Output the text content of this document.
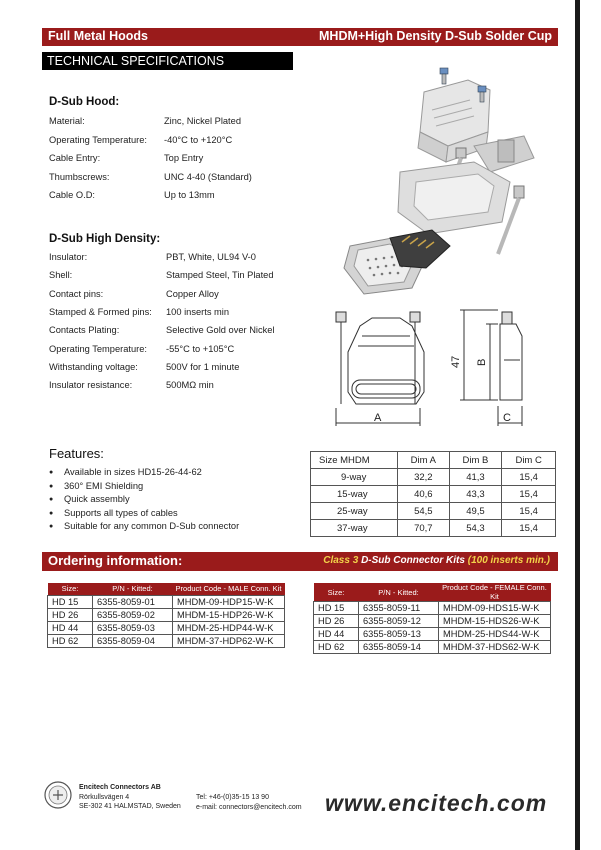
Full Metal Hoods	MHDM+High Density D-Sub Solder Cup
TECHNICAL SPECIFICATIONS
D-Sub Hood:
Material:	Zinc, Nickel Plated
Operating Temperature: -40°C to +120°C
Cable Entry:	Top Entry
Thumbscrews:	UNC 4-40 (Standard)
Cable O.D:	Up to 13mm
D-Sub High Density:
Insulator:	PBT, White, UL94 V-0
Shell:	Stamped Steel, Tin Plated
Contact pins:	Copper Alloy
Stamped & Formed pins: 100 inserts min
Contacts Plating:	Selective Gold over Nickel
Operating Temperature: -55°C to +105°C
Withstanding voltage:	500V for 1 minute
Insulator resistance:	500MΩ min
A	C
B
47
Features:
● Available in sizes HD15-26-44-62
● 360° EMI Shielding
● Quick assembly
● Supports all types of cables
● Suitable for any common D-Sub connector
Size MHDM	Dim A	Dim B	Dim C
9-way	32,2	41,3	15,4
15-way	40,6	43,3	15,4
25-way	54,5	49,5	15,4
37-way	70,7	54,3	15,4
Ordering information:	Class 3 D-Sub Connector Kits (100 inserts min.)
Size:	P/N - Kitted:	Product Code - MALE Conn. Kit
HD 15	6355-8059-01	MHDM-09-HDP15-W-K
HD 26	6355-8059-02	MHDM-15-HDP26-W-K
HD 44	6355-8059-03	MHDM-25-HDP44-W-K
HD 62	6355-8059-04	MHDM-37-HDP62-W-K
Size:	P/N - Kitted:	Product Code - FEMALE Conn. Kit
HD 15	6355-8059-11	MHDM-09-HDS15-W-K
HD 26	6355-8059-12	MHDM-15-HDS26-W-K
HD 44	6355-8059-13	MHDM-25-HDS44-W-K
HD 62	6355-8059-14	MHDM-37-HDS62-W-K
Encitech Connectors AB
Rörkullsvägen 4
SE-302 41 HALMSTAD, Sweden
Tel: +46-(0)35-15 13 90
e-mail: connectors@encitech.com www.encitech.com
